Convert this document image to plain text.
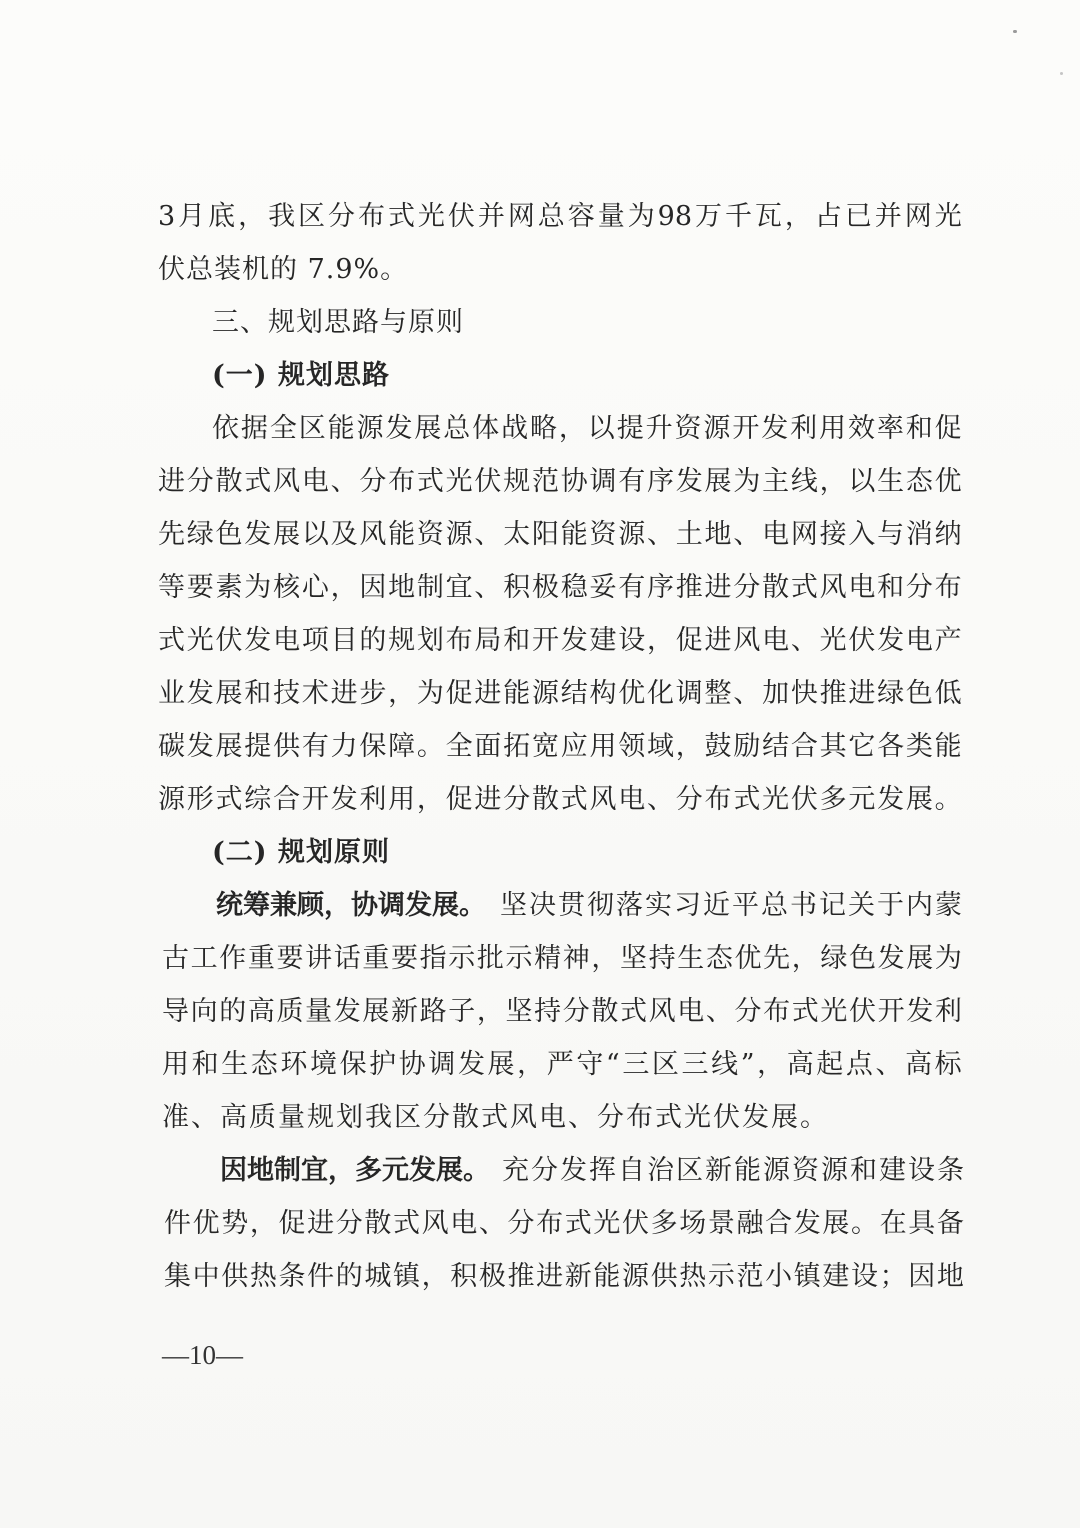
3 月 底 ， 我 区 分 布 式 光 伏 并 网 总 容 量 为 98 万 千 瓦 ， 占 已 并 网 光
伏总装机的 7.9%。
三、规划思路与原则
(一) 规划思路
依 据 全 区 能 源 发 展 总 体 战 略 ， 以 提 升 资 源 开 发 利 用 效 率 和 促
进 分 散 式 风 电 、 分 布 式 光 伏 规 范 协 调 有 序 发 展 为 主 线 ， 以 生 态 优
先 绿 色 发 展 以 及 风 能 资 源 、 太 阳 能 资 源 、 土 地 、 电 网 接 入 与 消 纳
等 要 素 为 核 心 ， 因 地 制 宜 、 积 极 稳 妥 有 序 推 进 分 散 式 风 电 和 分 布
式 光 伏 发 电 项 目 的 规 划 布 局 和 开 发 建 设 ， 促 进 风 电 、 光 伏 发 电 产
业 发 展 和 技 术 进 步 ， 为 促 进 能 源 结 构 优 化 调 整 、 加 快 推 进 绿 色 低
碳 发 展 提 供 有 力 保 障 。 全 面 拓 宽 应 用 领 域 ， 鼓 励 结 合 其 它 各 类 能
源 形 式 综 合 开 发 利 用 ， 促 进 分 散 式 风 电 、 分 布 式 光 伏 多 元 发 展 。
(二) 规划原则
统筹兼顾，协调发展。 坚 决 贯 彻 落 实 习 近 平 总 书 记 关 于 内 蒙
古 工 作 重 要 讲 话 重 要 指 示 批 示 精 神 ， 坚 持 生 态 优 先 ， 绿 色 发 展 为
导 向 的 高 质 量 发 展 新 路 子 ， 坚 持 分 散 式 风 电 、 分 布 式 光 伏 开 发 利
用 和 生 态 环 境 保 护 协 调 发 展 ， 严 守 “ 三 区 三 线 ” ， 高 起 点 、 高 标
准、高质量规划我区分散式风电、分布式光伏发展。
因地制宜，多元发展。 充 分 发 挥 自 治 区 新 能 源 资 源 和 建 设 条
件 优 势 ， 促 进 分 散 式 风 电 、 分 布 式 光 伏 多 场 景 融 合 发 展 。 在 具 备
集 中 供 热 条 件 的 城 镇 ， 积 极 推 进 新 能 源 供 热 示 范 小 镇 建 设 ； 因 地
—10—
